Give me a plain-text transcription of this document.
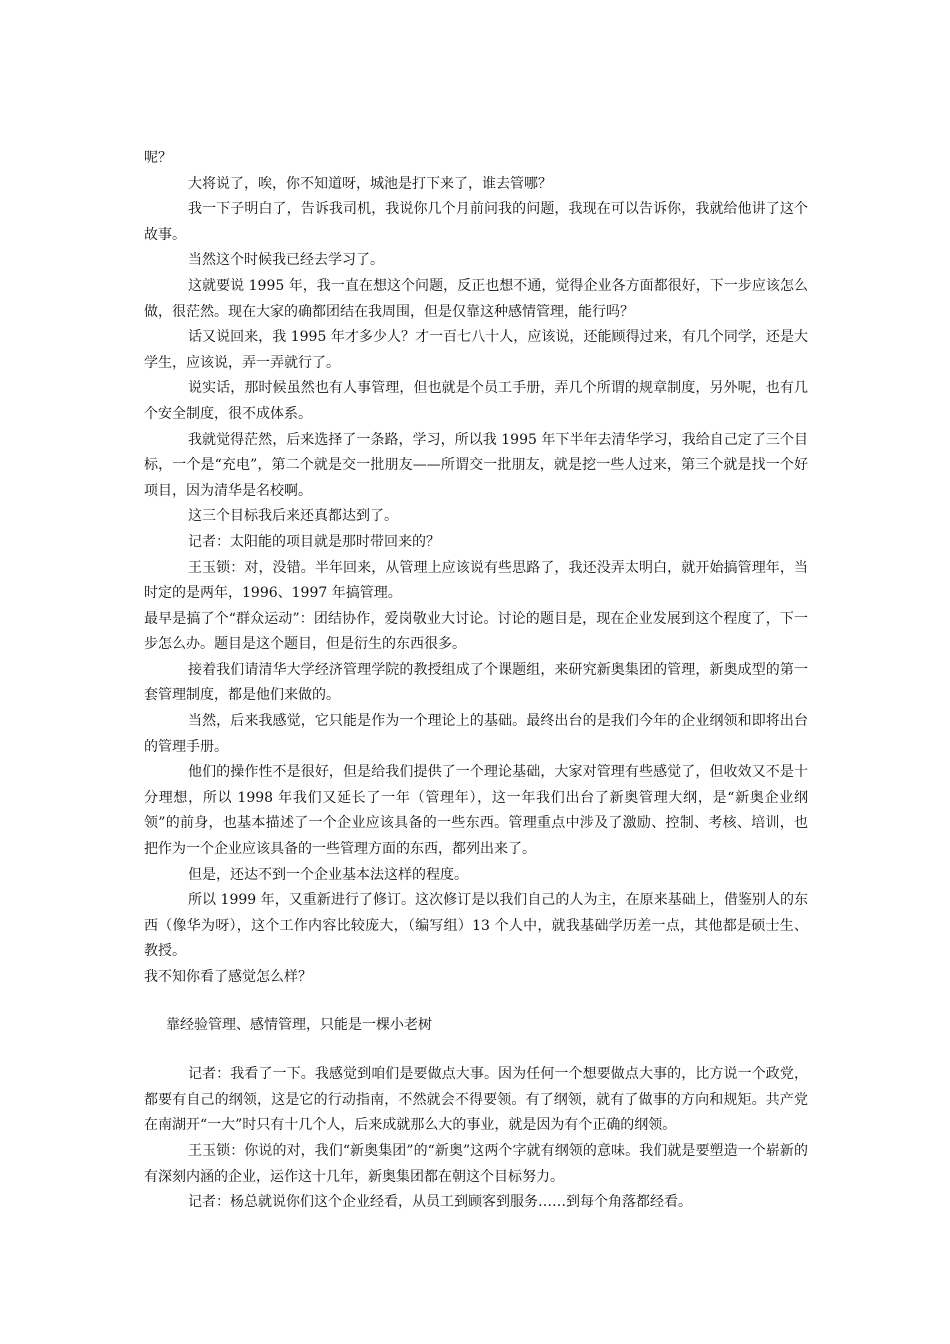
呢？

大将说了，唉，你不知道呀，城池是打下来了，谁去管哪？

我一下子明白了，告诉我司机，我说你几个月前问我的问题，我现在可以告诉你，我就给他讲了这个故事。

当然这个时候我已经去学习了。

这就要说 1995 年，我一直在想这个问题，反正也想不通，觉得企业各方面都很好，下一步应该怎么做，很茫然。现在大家的确都团结在我周围，但是仅靠这种感情管理，能行吗？

话又说回来，我 1995 年才多少人？才一百七八十人，应该说，还能顾得过来，有几个同学，还是大学生，应该说，弄一弄就行了。

说实话，那时候虽然也有人事管理，但也就是个员工手册，弄几个所谓的规章制度，另外呢，也有几个安全制度，很不成体系。

我就觉得茫然，后来选择了一条路，学习，所以我 1995 年下半年去清华学习，我给自己定了三个目标，一个是“充电”，第二个就是交一批朋友——所谓交一批朋友，就是挖一些人过来，第三个就是找一个好项目，因为清华是名校啊。

这三个目标我后来还真都达到了。

记者：太阳能的项目就是那时带回来的？

王玉锁：对，没错。半年回来，从管理上应该说有些思路了，我还没弄太明白，就开始搞管理年，当时定的是两年，1996、1997 年搞管理。

最早是搞了个“群众运动”：团结协作，爱岗敬业大讨论。讨论的题目是，现在企业发展到这个程度了，下一步怎么办。题目是这个题目，但是衍生的东西很多。

接着我们请清华大学经济管理学院的教授组成了个课题组，来研究新奥集团的管理，新奥成型的第一套管理制度，都是他们来做的。

当然，后来我感觉，它只能是作为一个理论上的基础。最终出台的是我们今年的企业纲领和即将出台的管理手册。

他们的操作性不是很好，但是给我们提供了一个理论基础，大家对管理有些感觉了，但收效又不是十分理想，所以 1998 年我们又延长了一年（管理年），这一年我们出台了新奥管理大纲，是“新奥企业纲领”的前身，也基本描述了一个企业应该具备的一些东西。管理重点中涉及了激励、控制、考核、培训，也把作为一个企业应该具备的一些管理方面的东西，都列出来了。

但是，还达不到一个企业基本法这样的程度。

所以 1999 年，又重新进行了修订。这次修订是以我们自己的人为主，在原来基础上，借鉴别人的东西（像华为呀），这个工作内容比较庞大，（编写组）13 个人中，就我基础学历差一点，其他都是硕士生、教授。

我不知你看了感觉怎么样？

靠经验管理、感情管理，只能是一棵小老树

记者：我看了一下。我感觉到咱们是要做点大事。因为任何一个想要做点大事的，比方说一个政党，都要有自己的纲领，这是它的行动指南，不然就会不得要领。有了纲领，就有了做事的方向和规矩。共产党在南湖开“一大”时只有十几个人，后来成就那么大的事业，就是因为有个正确的纲领。

王玉锁：你说的对，我们“新奥集团”的“新奥”这两个字就有纲领的意味。我们就是要塑造一个崭新的有深刻内涵的企业，运作这十几年，新奥集团都在朝这个目标努力。

记者：杨总就说你们这个企业经看，从员工到顾客到服务……到每个角落都经看。
